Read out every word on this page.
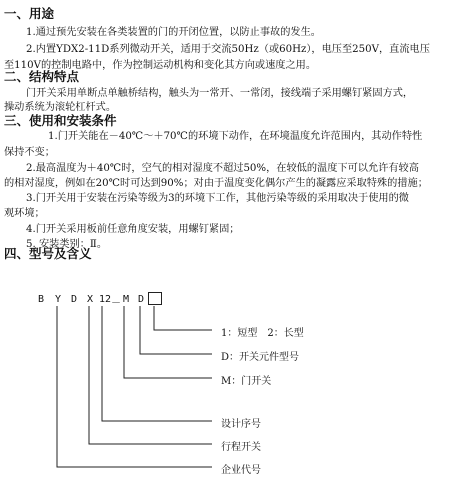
一、用途
二、结构特点
三、使用和安装条件
四、型号及含义
1.通过预先安装在各类装置的门的开闭位置，以防止事故的发生。
2.内置YDX2-11D系列微动开关，适用于交流50Hz（或60Hz），电压至250V，直流电压
至110V的控制电路中，作为控制运动机构和变化其方向或速度之用。
门开关采用单断点单触桥结构，触头为一常开、一常闭，接线端子采用螺钉紧固方式，
操动系统为滚轮杠杆式。
1.门开关能在－40℃～＋70℃的环境下动作，在环境温度允许范围内，其动作特性
保持不变；
2.最高温度为＋40℃时，空气的相对湿度不超过50%，在较低的温度下可以允许有较高
的相对湿度，例如在20℃时可达到90%；对由于温度变化偶尔产生的凝露应采取特殊的措施；
3.门开关用于安装在污染等级为3的环境下工作，其他污染等级的采用取决于使用的微
观环境；
4.门开关采用板前任意角度安装，用螺钉紧固；
5. 安装类别：Ⅱ。
B Y D X 12 － M D
1：短型　2：长型
D：开关元件型号
M：门开关
设计序号
行程开关
企业代号
